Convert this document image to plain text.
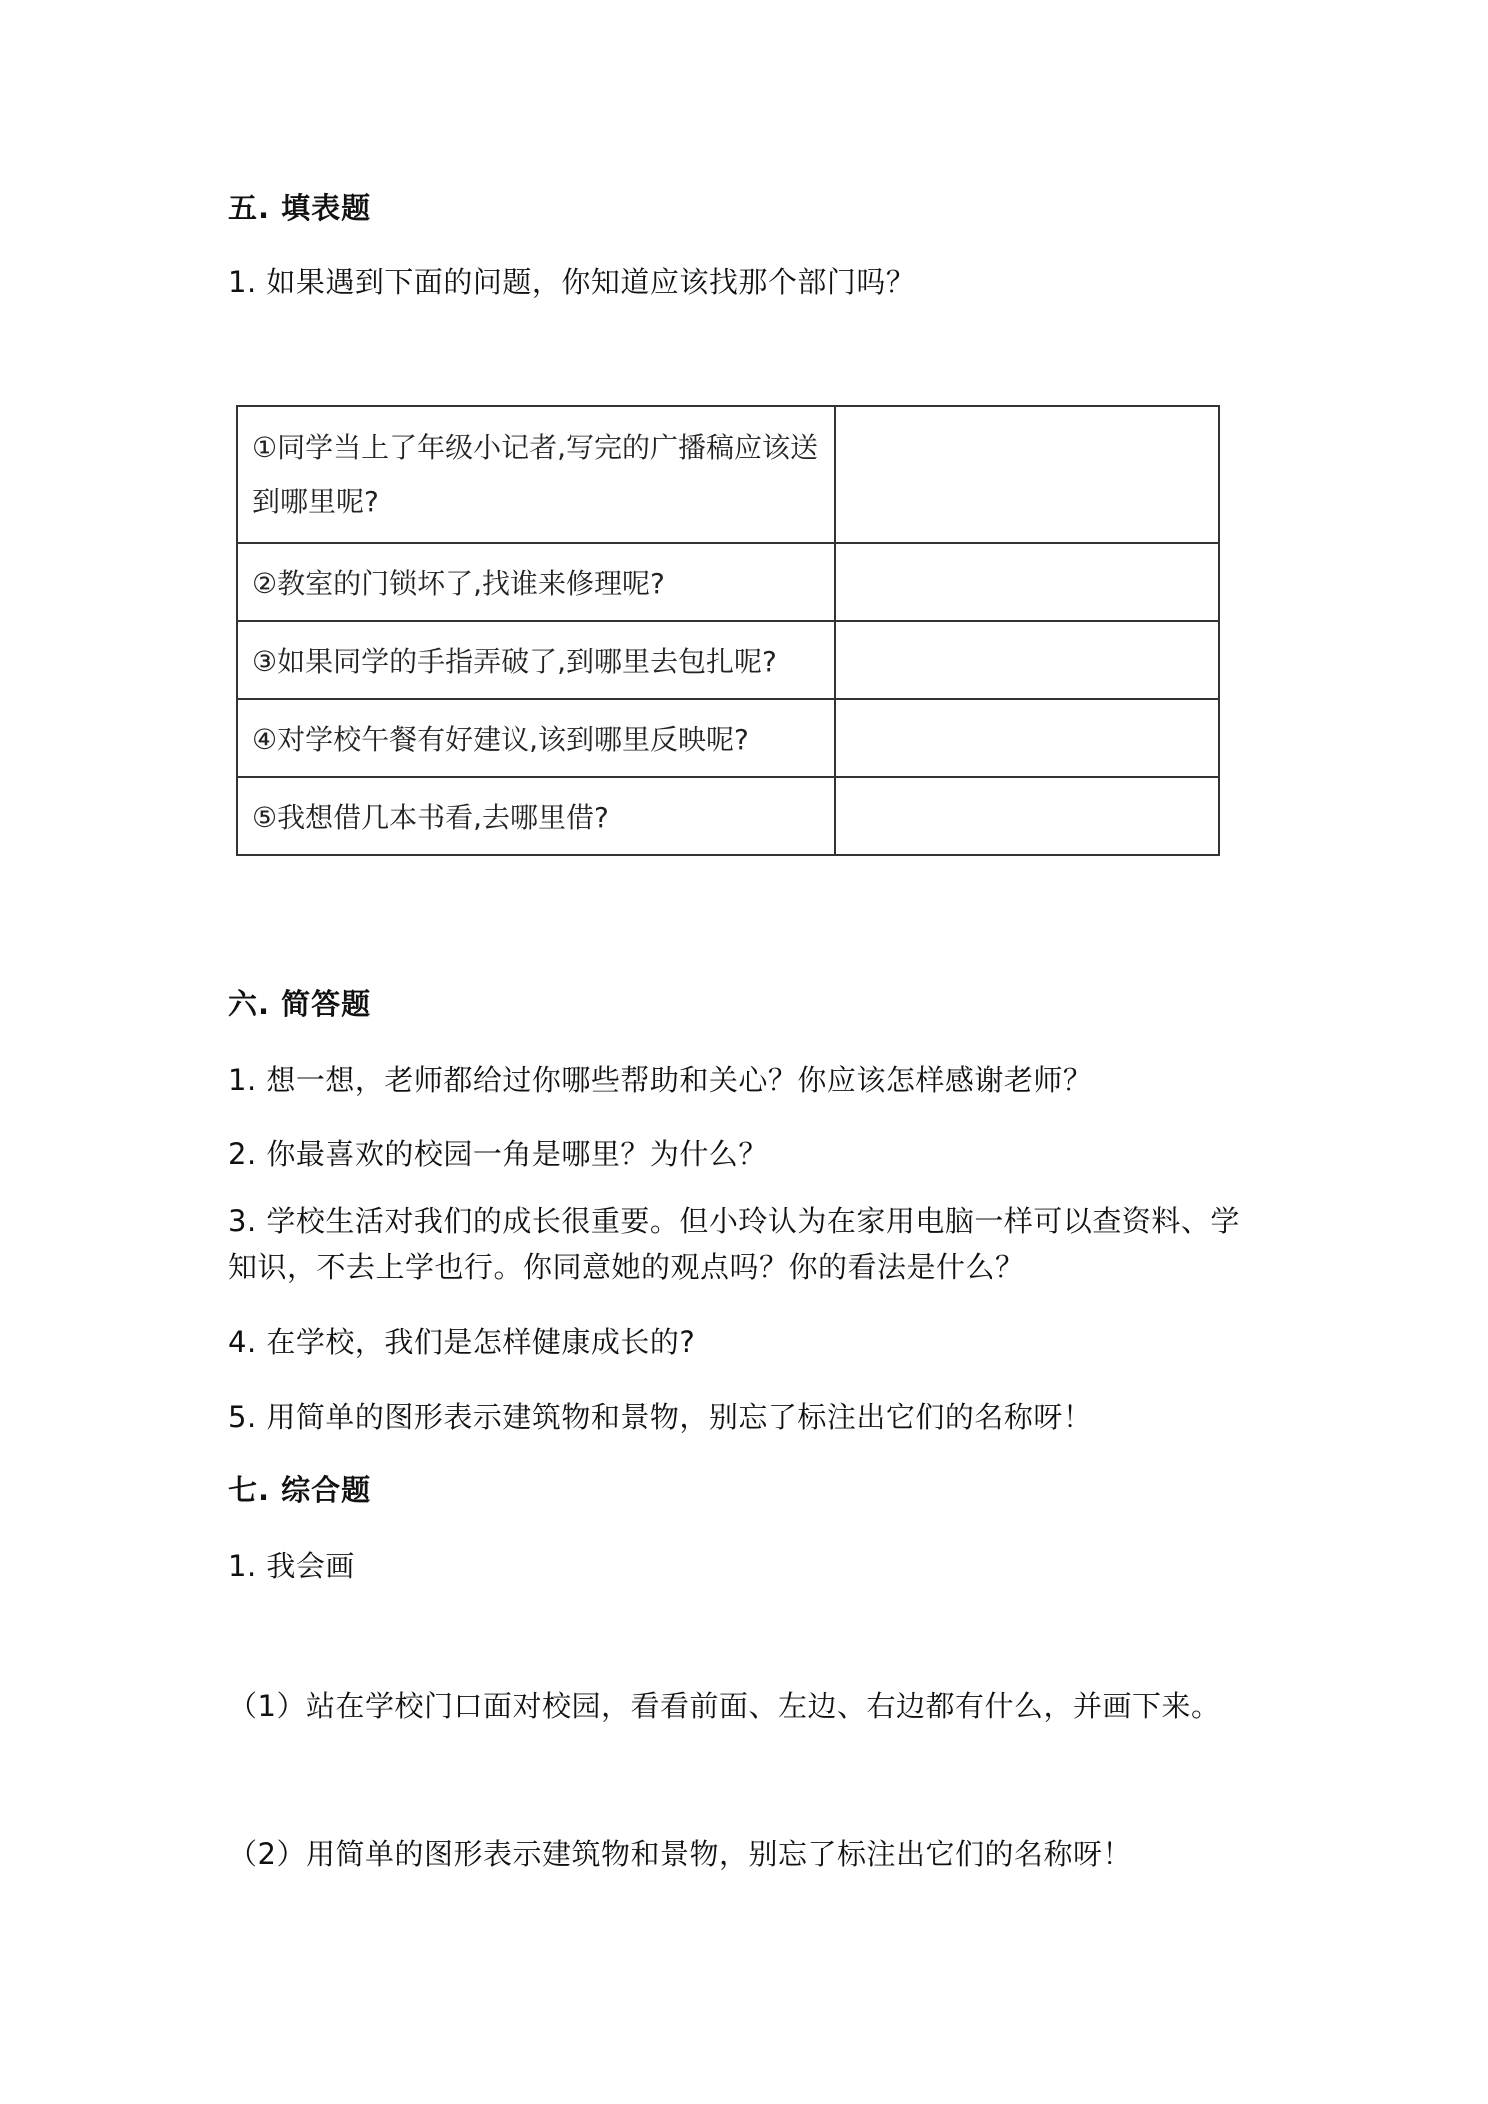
五. 填表题
1. 如果遇到下面的问题，你知道应该找那个部门吗？
①同学当上了年级小记者,写完的广播稿应该送到哪里呢?	
②教室的门锁坏了,找谁来修理呢?	
③如果同学的手指弄破了,到哪里去包扎呢?	
④对学校午餐有好建议,该到哪里反映呢?	
⑤我想借几本书看,去哪里借?	
六. 简答题
1. 想一想，老师都给过你哪些帮助和关心？你应该怎样感谢老师？
2. 你最喜欢的校园一角是哪里？为什么？
3. 学校生活对我们的成长很重要。但小玲认为在家用电脑一样可以查资料、学知识，不去上学也行。你同意她的观点吗？你的看法是什么？
4. 在学校，我们是怎样健康成长的?
5. 用简单的图形表示建筑物和景物，别忘了标注出它们的名称呀！
七. 综合题
1. 我会画
（1）站在学校门口面对校园，看看前面、左边、右边都有什么，并画下来。
（2）用简单的图形表示建筑物和景物，别忘了标注出它们的名称呀！
